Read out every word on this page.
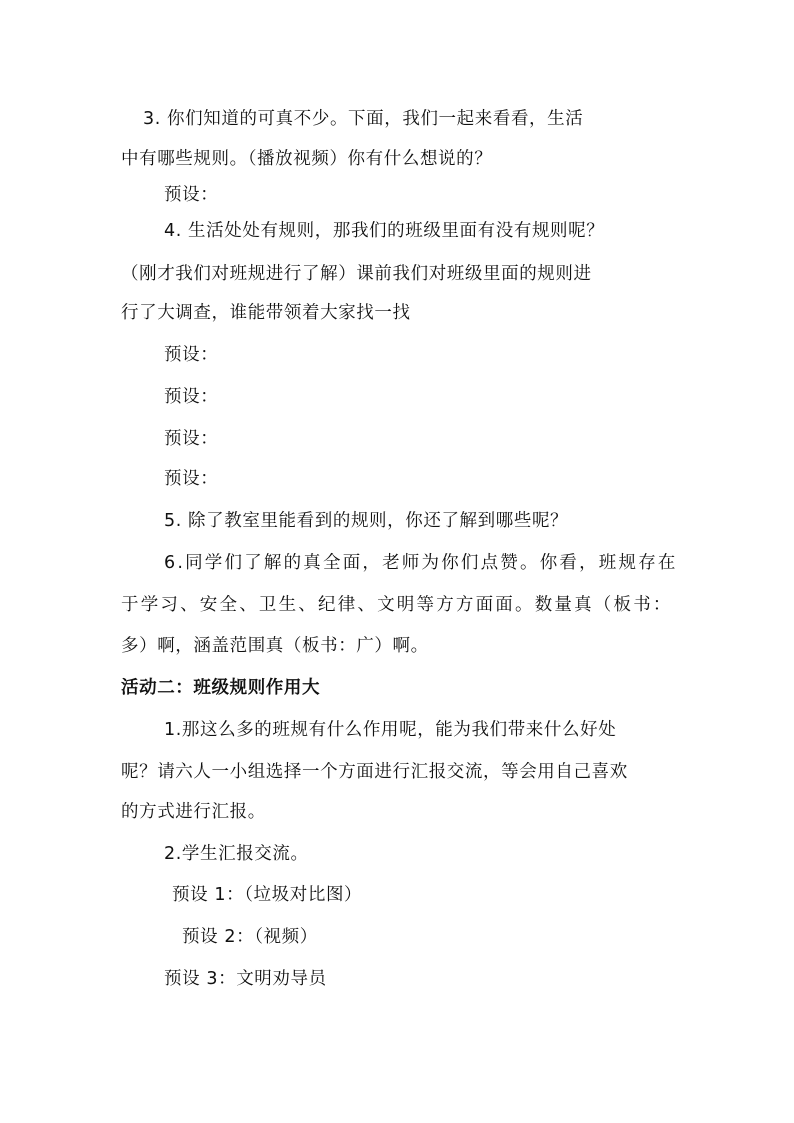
3. 你们知道的可真不少。下面，我们一起来看看，生活
中有哪些规则。（播放视频）你有什么想说的？
预设：
4. 生活处处有规则，那我们的班级里面有没有规则呢？
（刚才我们对班规进行了解）课前我们对班级里面的规则进
行了大调查，谁能带领着大家找一找
预设：
预设：
预设：
预设：
5. 除了教室里能看到的规则，你还了解到哪些呢？
6.同学们了解的真全面，老师为你们点赞。你看，班规存在
于学习、安全、卫生、纪律、文明等方方面面。数量真（板书：
多）啊，涵盖范围真（板书：广）啊。
活动二：班级规则作用大
1.那这么多的班规有什么作用呢，能为我们带来什么好处
呢？请六人一小组选择一个方面进行汇报交流，等会用自己喜欢
的方式进行汇报。
2.学生汇报交流。
预设 1：（垃圾对比图）
预设 2：（视频）
预设 3：文明劝导员
